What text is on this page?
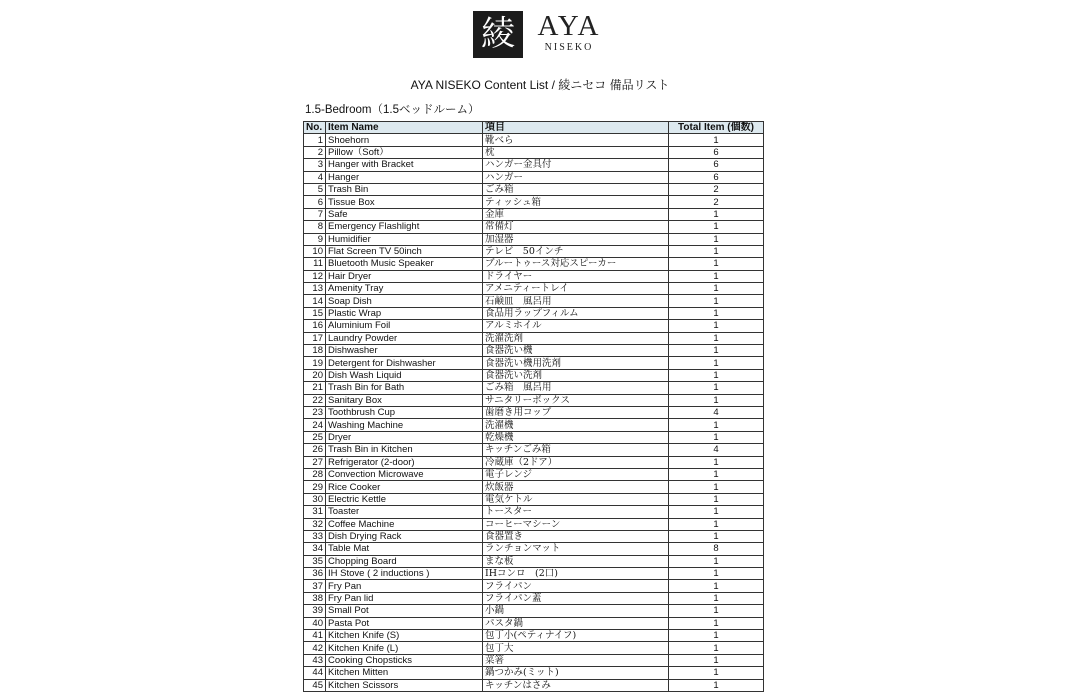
綾 AYA
NISEKO
AYA NISEKO Content List / 綾ニセコ 備品リスト
1.5-Bedroom（1.5ベッドルーム）
No.	Item Name	項目	Total Item (個数)
1	Shoehorn	靴べら	1
2	Pillow（Soft）	枕	6
3	Hanger with Bracket	ハンガー金具付	6
4	Hanger	ハンガー	6
5	Trash Bin	ごみ箱	2
6	Tissue Box	ティッシュ箱	2
7	Safe	金庫	1
8	Emergency Flashlight	常備灯	1
9	Humidifier	加湿器	1
10	Flat Screen TV 50inch	テレビ　50インチ	1
11	Bluetooth Music Speaker	ブルートゥース対応スピーカー	1
12	Hair Dryer	ドライヤー	1
13	Amenity Tray	アメニティートレイ	1
14	Soap Dish	石鹸皿　風呂用	1
15	Plastic Wrap	食品用ラップフィルム	1
16	Aluminium Foil	アルミホイル	1
17	Laundry Powder	洗濯洗剤	1
18	Dishwasher	食器洗い機	1
19	Detergent for Dishwasher	食器洗い機用洗剤	1
20	Dish Wash Liquid	食器洗い洗剤	1
21	Trash Bin for Bath	ごみ箱　風呂用	1
22	Sanitary Box	サニタリーボックス	1
23	Toothbrush Cup	歯磨き用コップ	4
24	Washing Machine	洗濯機	1
25	Dryer	乾燥機	1
26	Trash Bin in Kitchen	キッチンごみ箱	4
27	Refrigerator (2-door)	冷蔵庫（2ドア）	1
28	Convection Microwave	電子レンジ	1
29	Rice Cooker	炊飯器	1
30	Electric Kettle	電気ケトル	1
31	Toaster	トースター	1
32	Coffee Machine	コーヒーマシーン	1
33	Dish Drying Rack	食器置き	1
34	Table Mat	ランチョンマット	8
35	Chopping Board	まな板	1
36	IH Stove ( 2 inductions )	IHコンロ　(2口)	1
37	Fry Pan	フライパン	1
38	Fry Pan lid	フライパン蓋	1
39	Small Pot	小鍋	1
40	Pasta Pot	パスタ鍋	1
41	Kitchen Knife (S)	包丁小(ペティナイフ)	1
42	Kitchen Knife (L)	包丁大	1
43	Cooking Chopsticks	菜箸	1
44	Kitchen Mitten	鍋つかみ(ミット)	1
45	Kitchen Scissors	キッチンはさみ	1
